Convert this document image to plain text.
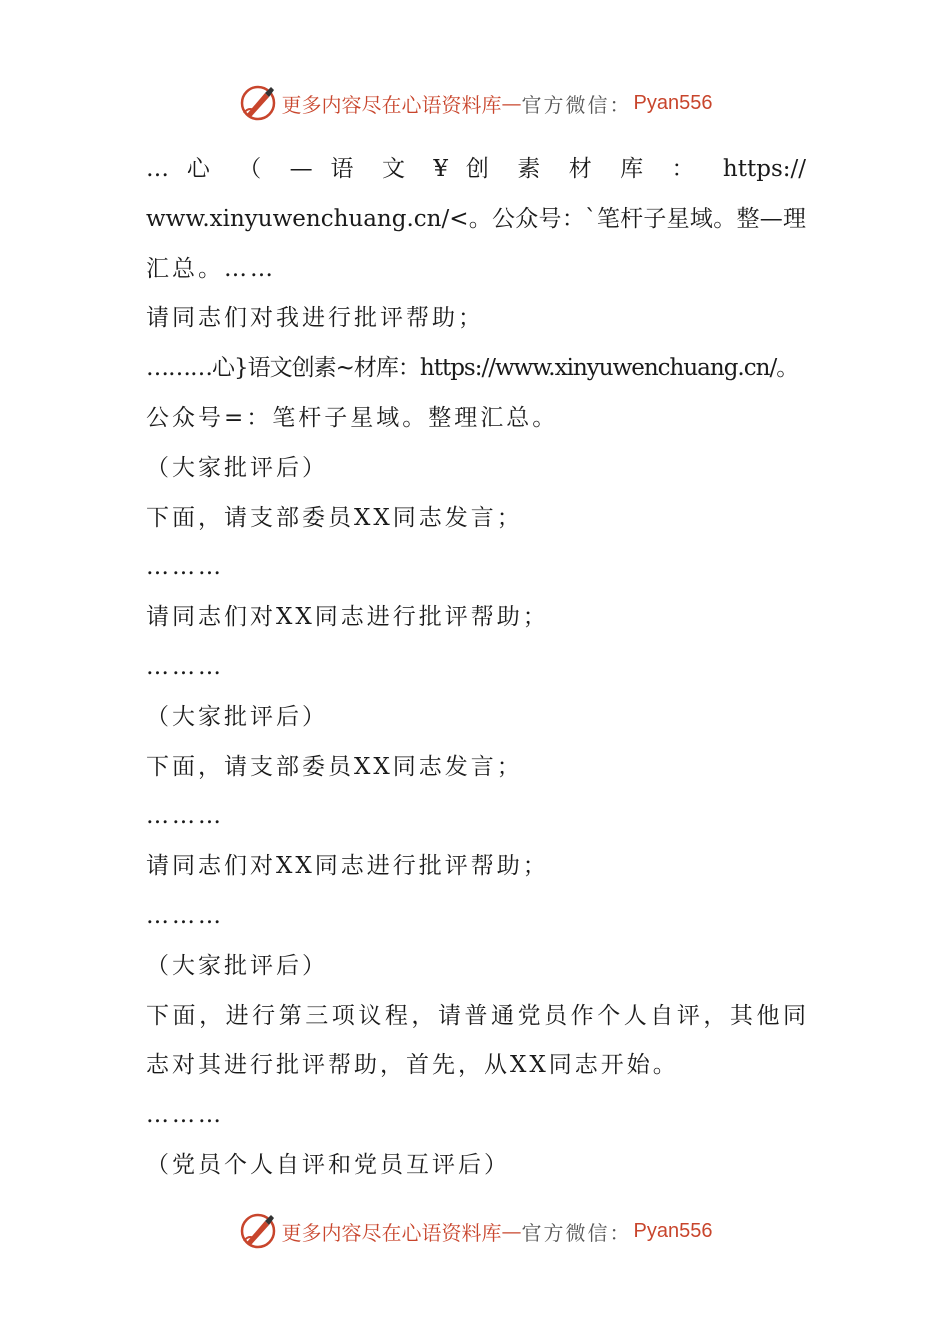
更多内容尽在心语资料库 — 官方微信： Pyan556
… 心 （ — 语 文 ¥ 创 素 材 库 ： https://
www.xinyuwenchuang.cn/<。公众号：`笔杆子星域。整—理
汇总。……
请同志们对我进行批评帮助；
………心}语文创素~材库：https://www.xinyuwenchuang.cn/。
公众号=：笔杆子星域。整理汇总。
（大家批评后）
下面，请支部委员XX同志发言；
………
请同志们对XX同志进行批评帮助；
………
（大家批评后）
下面，请支部委员XX同志发言；
………
请同志们对XX同志进行批评帮助；
………
（大家批评后）
下面，进行第三项议程，请普通党员作个人自评，其他同
志对其进行批评帮助，首先，从XX同志开始。
………
（党员个人自评和党员互评后）
更多内容尽在心语资料库 — 官方微信： Pyan556
